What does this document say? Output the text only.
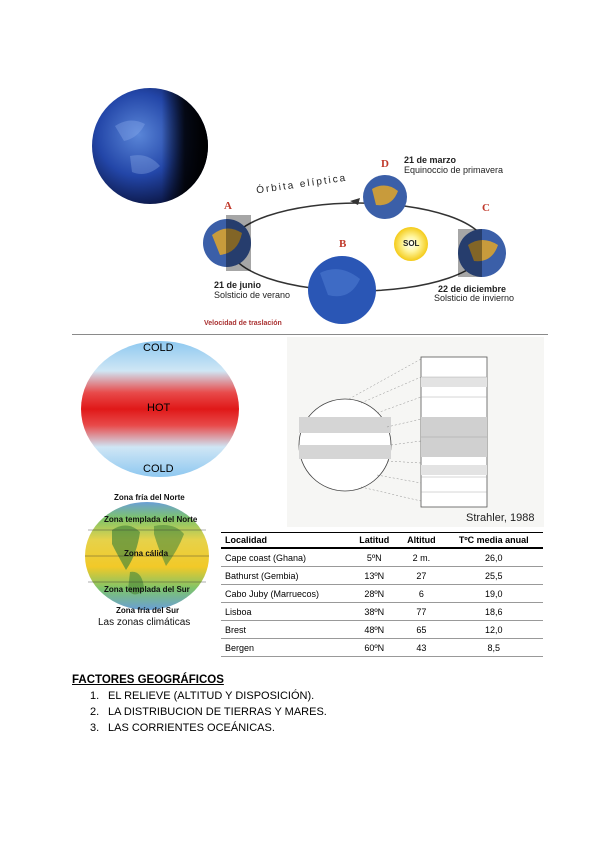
Órbita elíptica
A
B
C
D 21 de marzo
Equinoccio de primavera
21 de junio
Solsticio de verano
22 de diciembre
Solsticio de invierno
SOL
Velocidad de traslación
COLD
HOT
COLD
Strahler, 1988
Zona fría del Norte
Zona templada del Norte
Zona cálida
Zona templada del Sur
Zona fría del Sur
Las zonas climáticas
Localidad	Latitud	Altitud	TºC media anual
Cape coast (Ghana)	5ºN	2 m.	26,0
Bathurst (Gembia)	13ºN	27	25,5
Cabo Juby (Marruecos)	28ºN	6	19,0
Lisboa	38ºN	77	18,6
Brest	48ºN	65	12,0
Bergen	60ºN	43	8,5
FACTORES GEOGRÁFICOS
1. EL RELIEVE (ALTITUD Y DISPOSICIÓN).
2. LA DISTRIBUCION DE TIERRAS Y MARES.
3. LAS CORRIENTES OCEÁNICAS.
